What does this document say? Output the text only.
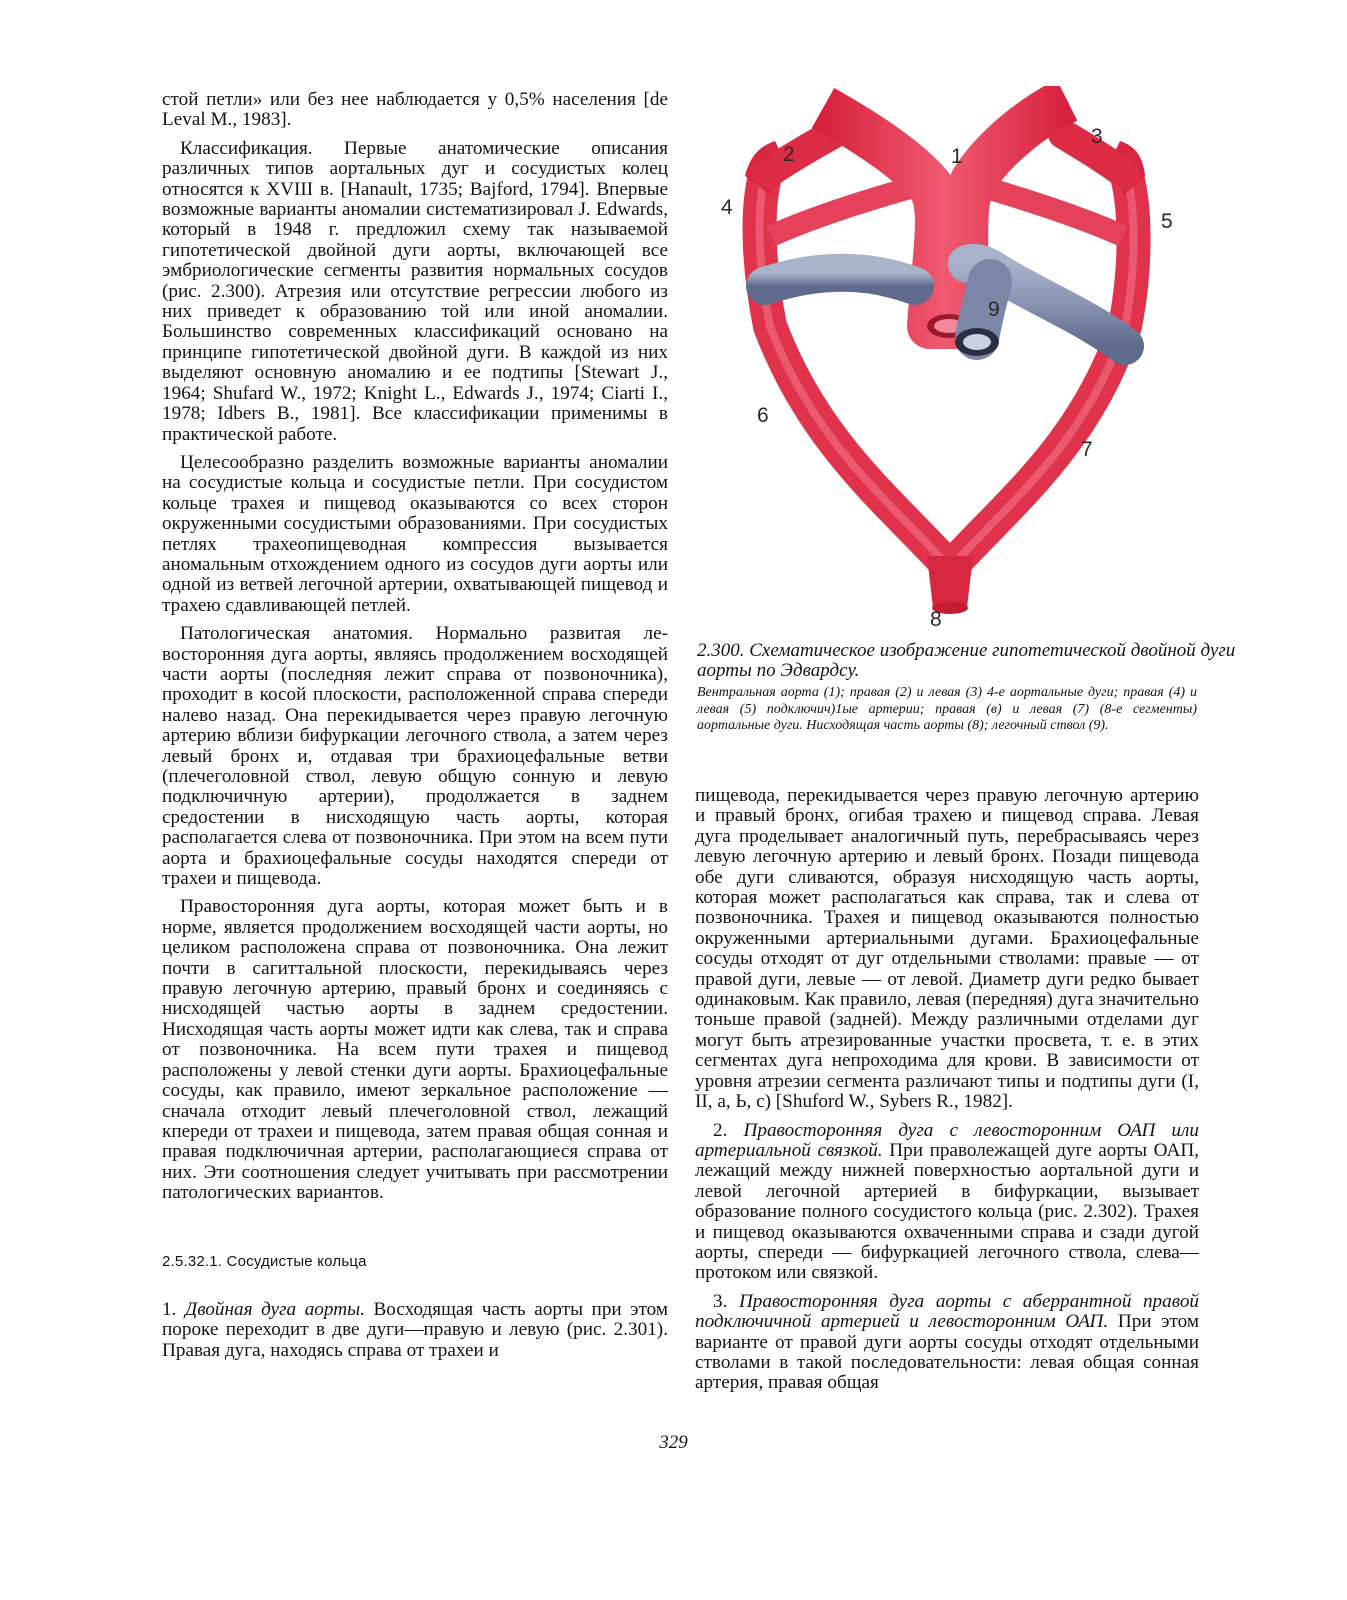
стой петли» или без нее наблюдается у 0,5% населения [de Leval M., 1983].

Классификация. Первые анатомические описания различных типов аортальных дуг и сосудистых колец относятся к XVIII в. [Hanault, 1735; Bajford, 1794]. Впервые возможные варианты аномалии систематизировал J. Edwards, который в 1948 г. предложил схему так называемой гипотетической двойной дуги аорты, включающей все эмбриологические сегменты развития нормальных сосудов (рис. 2.300). Атрезия или отсутствие регрессии любого из них приведет к образованию той или иной аномалии. Большинство современных классификаций основано на принципе гипотетической двойной дуги. В каждой из них выделяют основную аномалию и ее подтипы [Stewart J., 1964; Shufard W., 1972; Knight L., Edwards J., 1974; Ciarti I., 1978; Idbers B., 1981]. Все классификации применимы в практической работе.

Целесообразно разделить возможные варианты аномалии на сосудистые кольца и сосудистые петли. При сосудистом кольце трахея и пищевод оказываются со всех сторон окруженными сосудистыми образованиями. При сосудистых петлях трахеопищеводная компрессия вызывается аномальным отхождением одного из сосудов дуги аорты или одной из ветвей легочной артерии, охватывающей пищевод и трахею сдавливающей петлей.

Патологическая анатомия. Нормально развитая левосторонняя дуга аорты, являясь продолжением восходящей части аорты (последняя лежит справа от позвоночника), проходит в косой плоскости, расположенной справа спереди налево назад. Она перекидывается через правую легочную артерию вблизи бифуркации легочного ствола, а затем через левый бронх и, отдавая три брахиоцефальные ветви (плечеголовной ствол, левую общую сонную и левую подключичную артерии), продолжается в заднем средостении в нисходящую часть аорты, которая располагается слева от позвоночника. При этом на всем пути аорта и брахиоцефальные сосуды находятся спереди от трахеи и пищевода.

Правосторонняя дуга аорты, которая может быть и в норме, является продолжением восходящей части аорты, но целиком расположена справа от позвоночника. Она лежит почти в сагиттальной плоскости, перекидываясь через правую легочную артерию, правый бронх и соединяясь с нисходящей частью аорты в заднем средостении. Нисходящая часть аорты может идти как слева, так и справа от позвоночника. На всем пути трахея и пищевод расположены у левой стенки дуги аорты. Брахиоцефальные сосуды, как правило, имеют зеркальное расположение — сначала отходит левый плечеголовной ствол, лежащий кпереди от трахеи и пищевода, затем правая общая сонная и правая подключичная артерии, располагающиеся справа от них. Эти соотношения следует учитывать при рассмотрении патологических вариантов.

2.5.32.1. Сосудистые кольца

1. Двойная дуга аорты. Восходящая часть аорты при этом пороке переходит в две дуги—правую и левую (рис. 2.301). Правая дуга, находясь справа от трахеи и

1
2
3
4
5
6
7
8
9

2.300. Схематическое изображение гипотетической двойной дуги аорты по Эдвардсу.

Вентральная аорта (1); правая (2) и левая (3) 4-е аортальные дуги; правая (4) и левая (5) подключич)1ые артерии; правая (в) и левая (7) (8-е сегменты) аортальные дуги. Нисходящая часть аорты (8); легочный ствол (9).

пищевода, перекидывается через правую легочную артерию и правый бронх, огибая трахею и пищевод справа. Левая дуга проделывает аналогичный путь, перебрасываясь через левую легочную артерию и левый бронх. Позади пищевода обе дуги сливаются, образуя нисходящую часть аорты, которая может располагаться как справа, так и слева от позвоночника. Трахея и пищевод оказываются полностью окруженными артериальными дугами. Брахиоцефальные сосуды отходят от дуг отдельными стволами: правые — от правой дуги, левые — от левой. Диаметр дуги редко бывает одинаковым. Как правило, левая (передняя) дуга значительно тоньше правой (задней). Между различными отделами дуг могут быть атрезированные участки просвета, т. е. в этих сегментах дуга непроходима для крови. В зависимости от уровня атрезии сегмента различают типы и подтипы дуги (I, II, а, Ь, с) [Shuford W., Sybers R., 1982].

2. Правосторонняя дуга с левосторонним ОАП или артериальной связкой. При праволежащей дуге аорты ОАП, лежащий между нижней поверхностью аортальной дуги и левой легочной артерией в бифуркации, вызывает образование полного сосудистого кольца (рис. 2.302). Трахея и пищевод оказываются охваченными справа и сзади дугой аорты, спереди — бифуркацией легочного ствола, слева—протоком или связкой.

3. Правосторонняя дуга аорты с аберрантной правой подключичной артерией и левосторонним ОАП. При этом варианте от правой дуги аорты сосуды отходят отдельными стволами в такой последовательности: левая общая сонная артерия, правая общая

329
